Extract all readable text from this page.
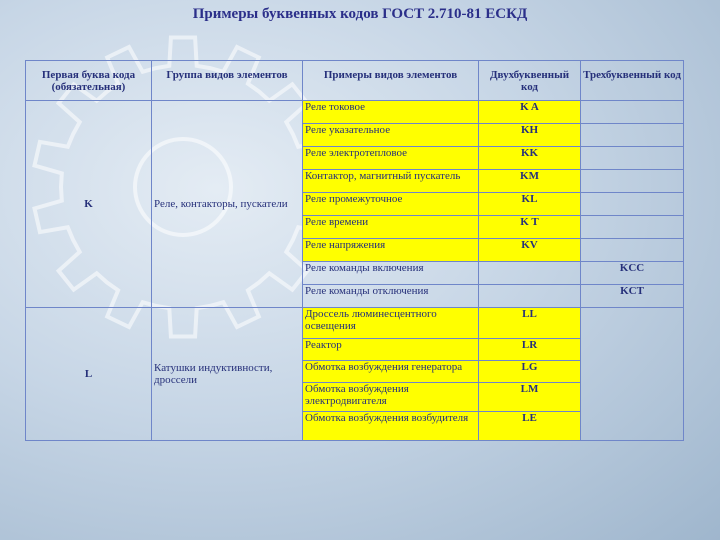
Примеры буквенных кодов ГОСТ 2.710-81 ЕСКД
Первая буква кода (обязательная)	Группа видов элементов	Примеры видов элементов	Двухбуквенный код	Трехбуквенный код
K	Реле, контакторы, пускатели	Реле токовое	K A	
		Реле указательное	KH	
		Реле электротепловое	KK	
		Контактор, магнитный пускатель	KM	
		Реле промежуточное	KL	
		Реле времени	K T	
		Реле напряжения	KV	
		Реле команды включения		KCC
		Реле команды отключения		KCT
L	Катушки индуктивности, дроссели	Дроссель люминесцентного освещения	LL	
		Реактор	LR	
		Обмотка возбуждения генератора	LG	
		Обмотка возбуждения электродвигателя	LM	
		Обмотка возбуждения возбудителя	LE	
